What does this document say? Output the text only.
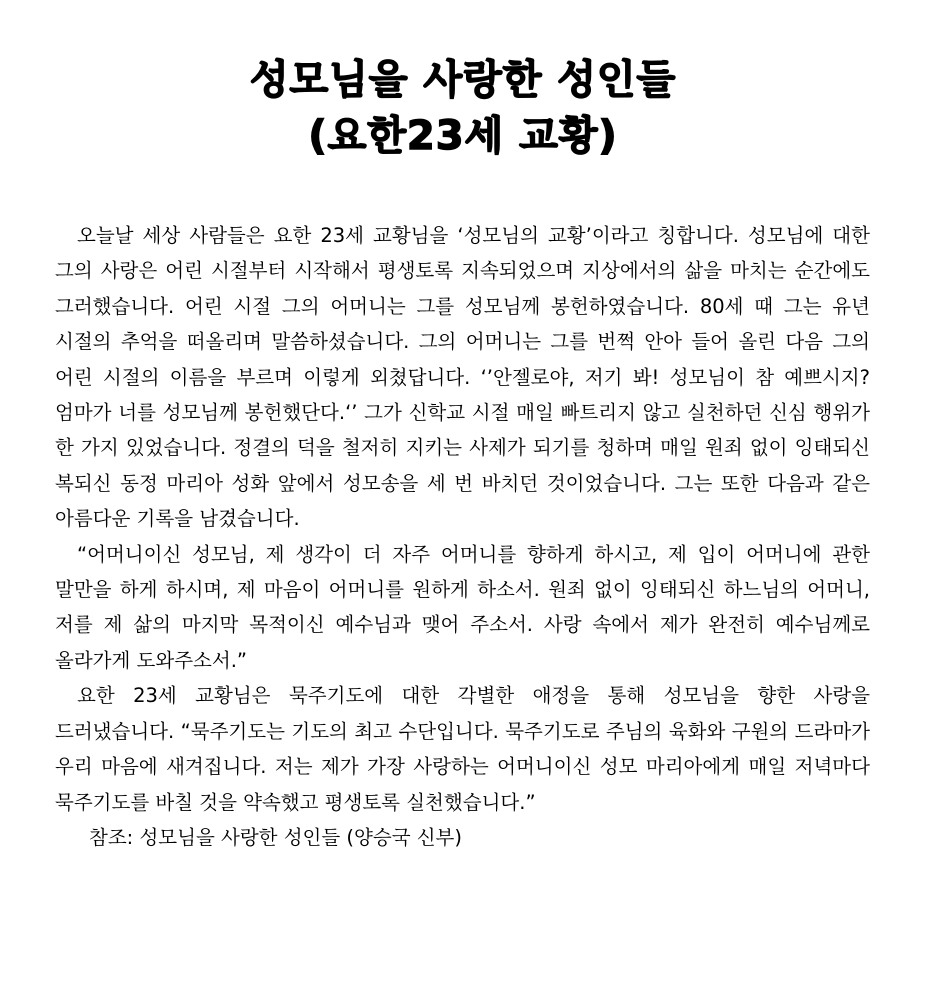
성모님을 사랑한 성인들
(요한23세 교황)

오늘날 세상 사람들은 요한 23세 교황님을 ‘성모님의 교황’이라고 칭합니다. 성모님에 대한 그의 사랑은 어린 시절부터 시작해서 평생토록 지속되었으며 지상에서의 삶을 마치는 순간에도 그러했습니다. 어린 시절 그의 어머니는 그를 성모님께 봉헌하였습니다. 80세 때 그는 유년 시절의 추억을 떠올리며 말씀하셨습니다. 그의 어머니는 그를 번쩍 안아 들어 올린 다음 그의 어린 시절의 이름을 부르며 이렇게 외쳤답니다. ‘’안젤로야, 저기 봐! 성모님이 참 예쁘시지? 엄마가 너를 성모님께 봉헌했단다.‘’ 그가 신학교 시절 매일 빠트리지 않고 실천하던 신심 행위가 한 가지 있었습니다. 정결의 덕을 철저히 지키는 사제가 되기를 청하며 매일 원죄 없이 잉태되신 복되신 동정 마리아 성화 앞에서 성모송을 세 번 바치던 것이었습니다. 그는 또한 다음과 같은 아름다운 기록을 남겼습니다.

“어머니이신 성모님, 제 생각이 더 자주 어머니를 향하게 하시고, 제 입이 어머니에 관한 말만을 하게 하시며, 제 마음이 어머니를 원하게 하소서. 원죄 없이 잉태되신 하느님의 어머니, 저를 제 삶의 마지막 목적이신 예수님과 맺어 주소서. 사랑 속에서 제가 완전히 예수님께로 올라가게 도와주소서.”

요한 23세 교황님은 묵주기도에 대한 각별한 애정을 통해 성모님을 향한 사랑을 드러냈습니다. “묵주기도는 기도의 최고 수단입니다. 묵주기도로 주님의 육화와 구원의 드라마가 우리 마음에 새겨집니다. 저는 제가 가장 사랑하는 어머니이신 성모 마리아에게 매일 저녁마다 묵주기도를 바칠 것을 약속했고 평생토록 실천했습니다.”

참조: 성모님을 사랑한 성인들 (양승국 신부)
